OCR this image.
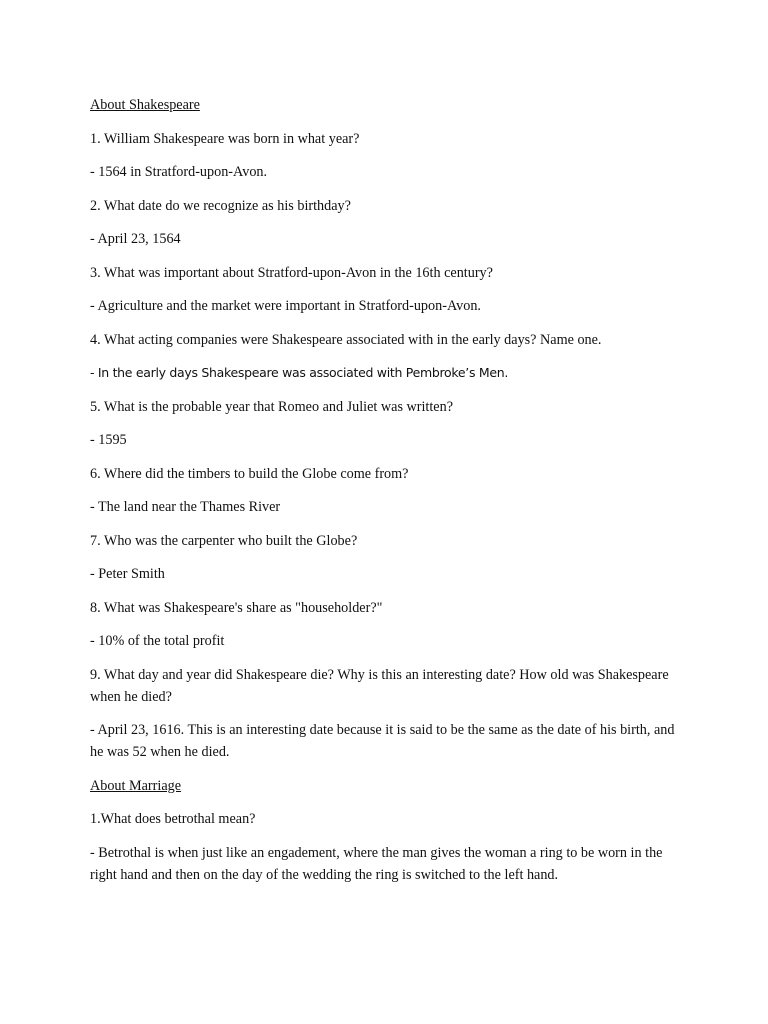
About Shakespeare
1. William Shakespeare was born in what year?
- 1564 in Stratford-upon-Avon.
2. What date do we recognize as his birthday?
- April 23, 1564
3. What was important about Stratford-upon-Avon in the 16th century?
- Agriculture and the market were important in Stratford-upon-Avon.
4. What acting companies were Shakespeare associated with in the early days? Name one.
- In the early days Shakespeare was associated with Pembroke’s Men.
5. What is the probable year that Romeo and Juliet was written?
- 1595
6. Where did the timbers to build the Globe come from?
- The land near the Thames River
7. Who was the carpenter who built the Globe?
- Peter Smith
8. What was Shakespeare's share as "householder?"
- 10% of the total profit
9. What day and year did Shakespeare die? Why is this an interesting date? How old was Shakespeare when he died?
- April 23, 1616. This is an interesting date because it is said to be the same as the date of his birth, and he was 52 when he died.
About Marriage
1.What does betrothal mean?
- Betrothal is when just like an engadement, where the man gives the woman a ring to be worn in the right hand and then on the day of the wedding the ring is switched to the left hand.
